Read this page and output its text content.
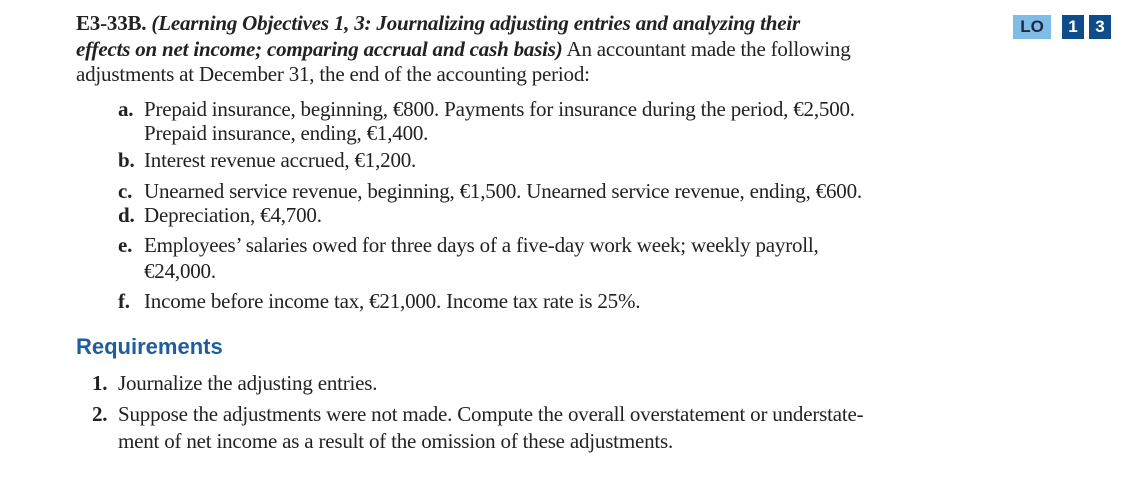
E3-33B. (Learning Objectives 1, 3: Journalizing adjusting entries and analyzing their
effects on net income; comparing accrual and cash basis) An accountant made the following
adjustments at December 31, the end of the accounting period:
LO	1	3
a. Prepaid insurance, beginning, €800. Payments for insurance during the period, €2,500.
Prepaid insurance, ending, €1,400.
b. Interest revenue accrued, €1,200.
c. Unearned service revenue, beginning, €1,500. Unearned service revenue, ending, €600.
d. Depreciation, €4,700.
e. Employees’ salaries owed for three days of a five-day work week; weekly payroll,
€24,000.
f. Income before income tax, €21,000. Income tax rate is 25%.
Requirements
1. Journalize the adjusting entries.
2. Suppose the adjustments were not made. Compute the overall overstatement or understate-
ment of net income as a result of the omission of these adjustments.
